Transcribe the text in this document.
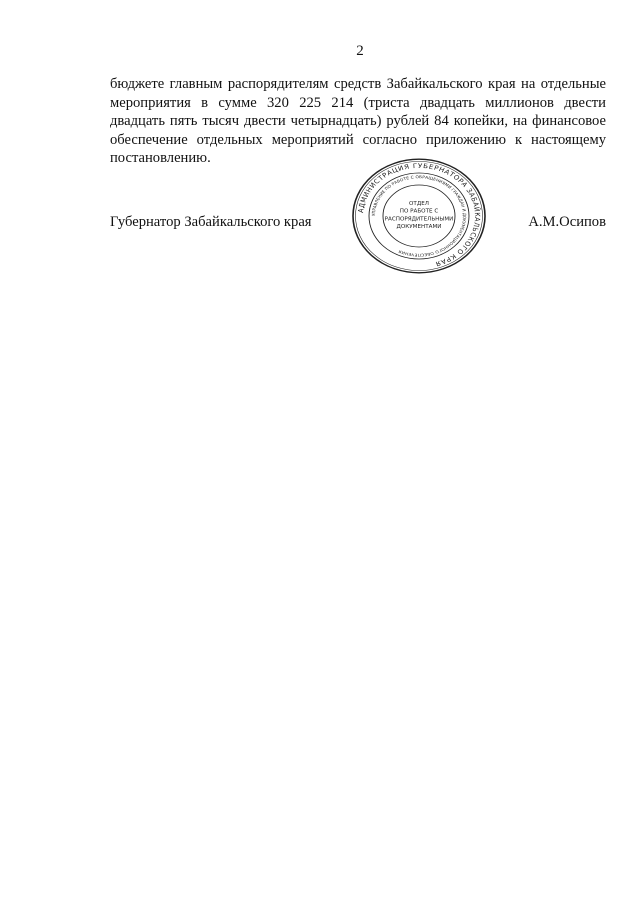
2
бюджете главным распорядителям средств Забайкальского края на отдельные
мероприятия в сумме 320 225 214 (триста двадцать миллионов двести
двадцать пять тысяч двести четырнадцать) рублей 84 копейки, на финансовое
обеспечение отдельных мероприятий согласно приложению к настоящему
постановлению.
АДМИНИСТРАЦИЯ ГУБЕРНАТОРА ЗАБАЙКАЛЬСКОГО КРАЯ
УПРАВЛЕНИЕ ПО РАБОТЕ С ОБРАЩЕНИЯМИ ГРАЖДАН И ДОКУМЕНТАЦИОННОГО ОБЕСПЕЧЕНИЯ
ОТДЕЛ
ПО РАБОТЕ С
РАСПОРЯДИТЕЛЬНЫМИ
ДОКУМЕНТАМИ
Губернатор Забайкальского края	А.М.Осипов
